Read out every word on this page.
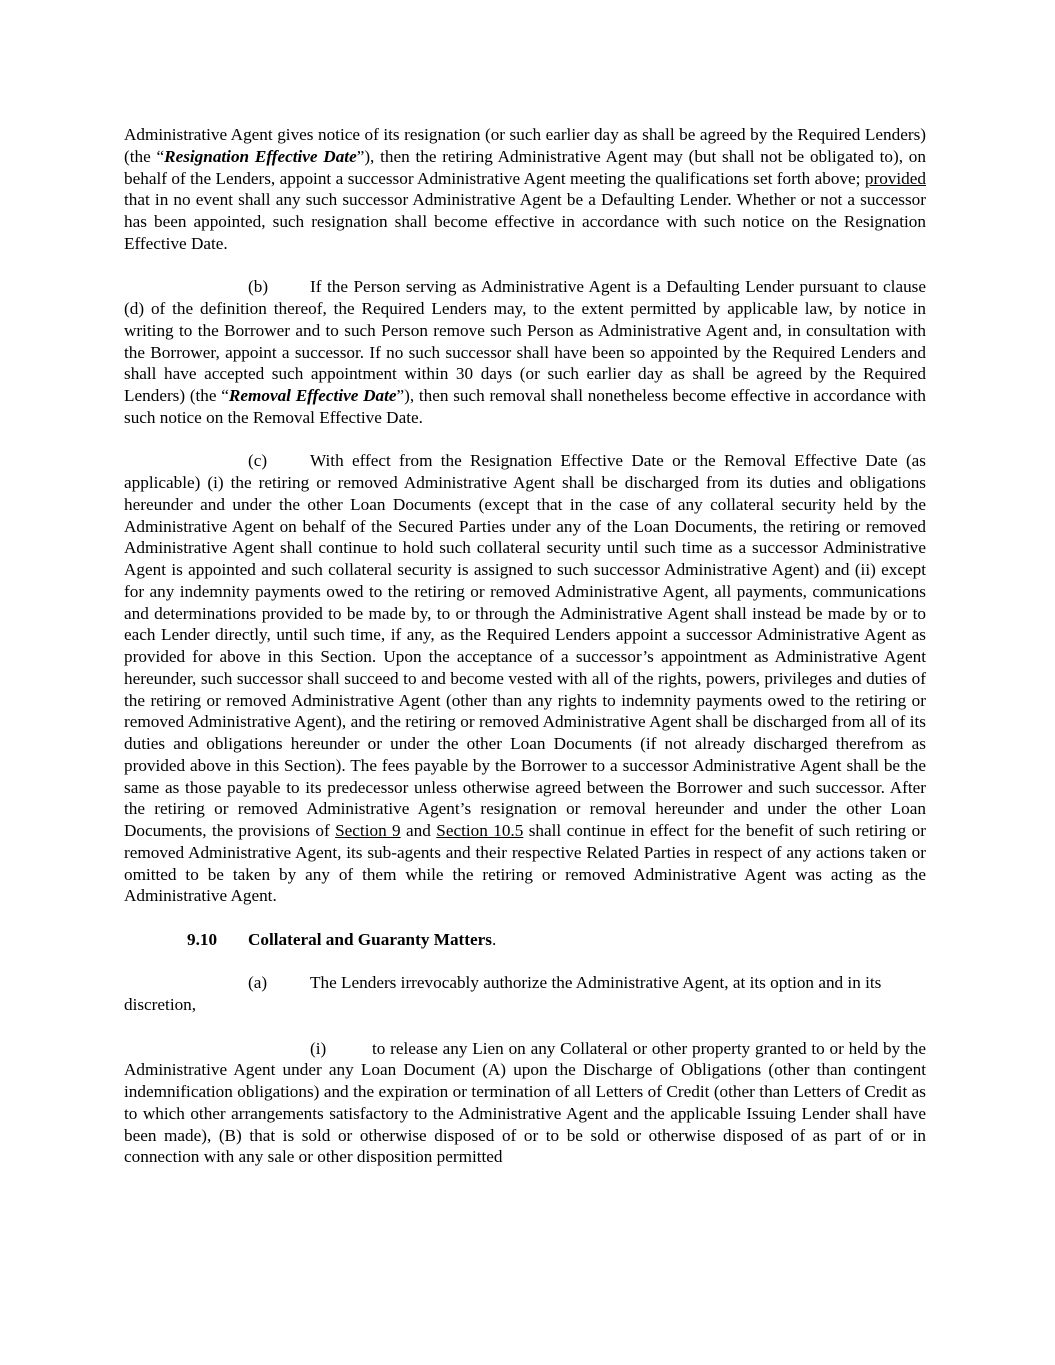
Administrative Agent gives notice of its resignation (or such earlier day as shall be agreed by the Required Lenders) (the “Resignation Effective Date”), then the retiring Administrative Agent may (but shall not be obligated to), on behalf of the Lenders, appoint a successor Administrative Agent meeting the qualifications set forth above; provided that in no event shall any such successor Administrative Agent be a Defaulting Lender. Whether or not a successor has been appointed, such resignation shall become effective in accordance with such notice on the Resignation Effective Date.

(b) If the Person serving as Administrative Agent is a Defaulting Lender pursuant to clause (d) of the definition thereof, the Required Lenders may, to the extent permitted by applicable law, by notice in writing to the Borrower and to such Person remove such Person as Administrative Agent and, in consultation with the Borrower, appoint a successor. If no such successor shall have been so appointed by the Required Lenders and shall have accepted such appointment within 30 days (or such earlier day as shall be agreed by the Required Lenders) (the “Removal Effective Date”), then such removal shall nonetheless become effective in accordance with such notice on the Removal Effective Date.

(c) With effect from the Resignation Effective Date or the Removal Effective Date (as applicable) (i) the retiring or removed Administrative Agent shall be discharged from its duties and obligations hereunder and under the other Loan Documents (except that in the case of any collateral security held by the Administrative Agent on behalf of the Secured Parties under any of the Loan Documents, the retiring or removed Administrative Agent shall continue to hold such collateral security until such time as a successor Administrative Agent is appointed and such collateral security is assigned to such successor Administrative Agent) and (ii) except for any indemnity payments owed to the retiring or removed Administrative Agent, all payments, communications and determinations provided to be made by, to or through the Administrative Agent shall instead be made by or to each Lender directly, until such time, if any, as the Required Lenders appoint a successor Administrative Agent as provided for above in this Section. Upon the acceptance of a successor’s appointment as Administrative Agent hereunder, such successor shall succeed to and become vested with all of the rights, powers, privileges and duties of the retiring or removed Administrative Agent (other than any rights to indemnity payments owed to the retiring or removed Administrative Agent), and the retiring or removed Administrative Agent shall be discharged from all of its duties and obligations hereunder or under the other Loan Documents (if not already discharged therefrom as provided above in this Section). The fees payable by the Borrower to a successor Administrative Agent shall be the same as those payable to its predecessor unless otherwise agreed between the Borrower and such successor. After the retiring or removed Administrative Agent’s resignation or removal hereunder and under the other Loan Documents, the provisions of Section 9 and Section 10.5 shall continue in effect for the benefit of such retiring or removed Administrative Agent, its sub-agents and their respective Related Parties in respect of any actions taken or omitted to be taken by any of them while the retiring or removed Administrative Agent was acting as the Administrative Agent.

9.10 Collateral and Guaranty Matters.

(a) The Lenders irrevocably authorize the Administrative Agent, at its option and in its discretion,

(i)	to release any Lien on any Collateral or other property granted to or held by the Administrative Agent under any Loan Document (A) upon the Discharge of Obligations (other than contingent indemnification obligations) and the expiration or termination of all Letters of Credit (other than Letters of Credit as to which other arrangements satisfactory to the Administrative Agent and the applicable Issuing Lender shall have been made), (B) that is sold or otherwise disposed of or to be sold or otherwise disposed of as part of or in connection with any sale or other disposition permitted
